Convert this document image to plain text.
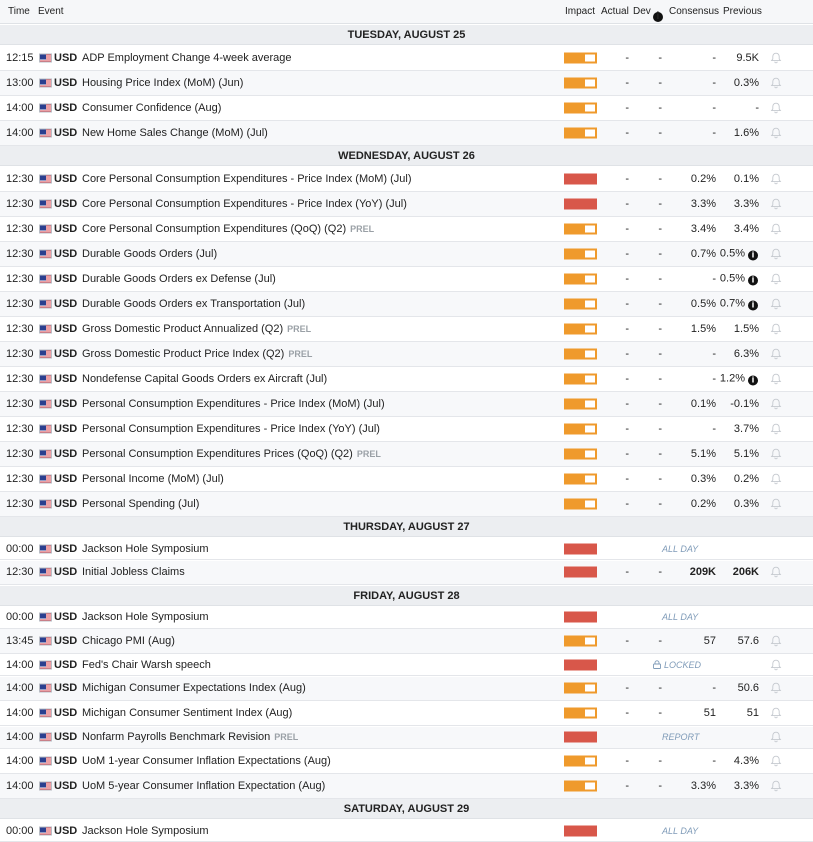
Time Event	Impact Actual Dev i Consensus Previous
TUESDAY, AUGUST 25
12:15 USD ADP Employment Change 4-week average	-	-	- 9.5K
13:00 USD Housing Price Index (MoM) (Jun)	-	-	- 0.3%
14:00 USD Consumer Confidence (Aug)	-	-	-	-
14:00 USD New Home Sales Change (MoM) (Jul)	-	-	- 1.6%
WEDNESDAY, AUGUST 26
12:30 USD Core Personal Consumption Expenditures - Price Index (MoM) (Jul)	-	-	0.2% 0.1%
12:30 USD Core Personal Consumption Expenditures - Price Index (YoY) (Jul)	-	-	3.3% 3.3%
12:30 USD Core Personal Consumption Expenditures (QoQ) (Q2) PREL	-	-	3.4% 3.4%
12:30 USD Durable Goods Orders (Jul)	-	-	0.7% 0.5% i
12:30 USD Durable Goods Orders ex Defense (Jul)	-	-	- 0.5% i
12:30 USD Durable Goods Orders ex Transportation (Jul)	-	-	0.5% 0.7% i
12:30 USD Gross Domestic Product Annualized (Q2) PREL	-	-	1.5% 1.5%
12:30 USD Gross Domestic Product Price Index (Q2) PREL	-	-	- 6.3%
12:30 USD Nondefense Capital Goods Orders ex Aircraft (Jul)	-	-	- 1.2% i
12:30 USD Personal Consumption Expenditures - Price Index (MoM) (Jul)	-	-	0.1% -0.1%
12:30 USD Personal Consumption Expenditures - Price Index (YoY) (Jul)	-	-	- 3.7%
12:30 USD Personal Consumption Expenditures Prices (QoQ) (Q2) PREL	-	-	5.1% 5.1%
12:30 USD Personal Income (MoM) (Jul)	-	-	0.3% 0.2%
12:30 USD Personal Spending (Jul)	-	-	0.2% 0.3%
THURSDAY, AUGUST 27
00:00 USD Jackson Hole Symposium	ALL DAY
12:30 USD Initial Jobless Claims	-	-	209K 206K
FRIDAY, AUGUST 28
00:00 USD Jackson Hole Symposium	ALL DAY
13:45 USD Chicago PMI (Aug)	-	-	57 57.6
14:00 USD Fed's Chair Warsh speech	LOCKED
14:00 USD Michigan Consumer Expectations Index (Aug)	-	-	- 50.6
14:00 USD Michigan Consumer Sentiment Index (Aug)	-	-	51	51
14:00 USD Nonfarm Payrolls Benchmark Revision PREL	REPORT
14:00 USD UoM 1-year Consumer Inflation Expectations (Aug)	-	-	- 4.3%
14:00 USD UoM 5-year Consumer Inflation Expectation (Aug)	-	-	3.3% 3.3%
SATURDAY, AUGUST 29
00:00 USD Jackson Hole Symposium	ALL DAY
